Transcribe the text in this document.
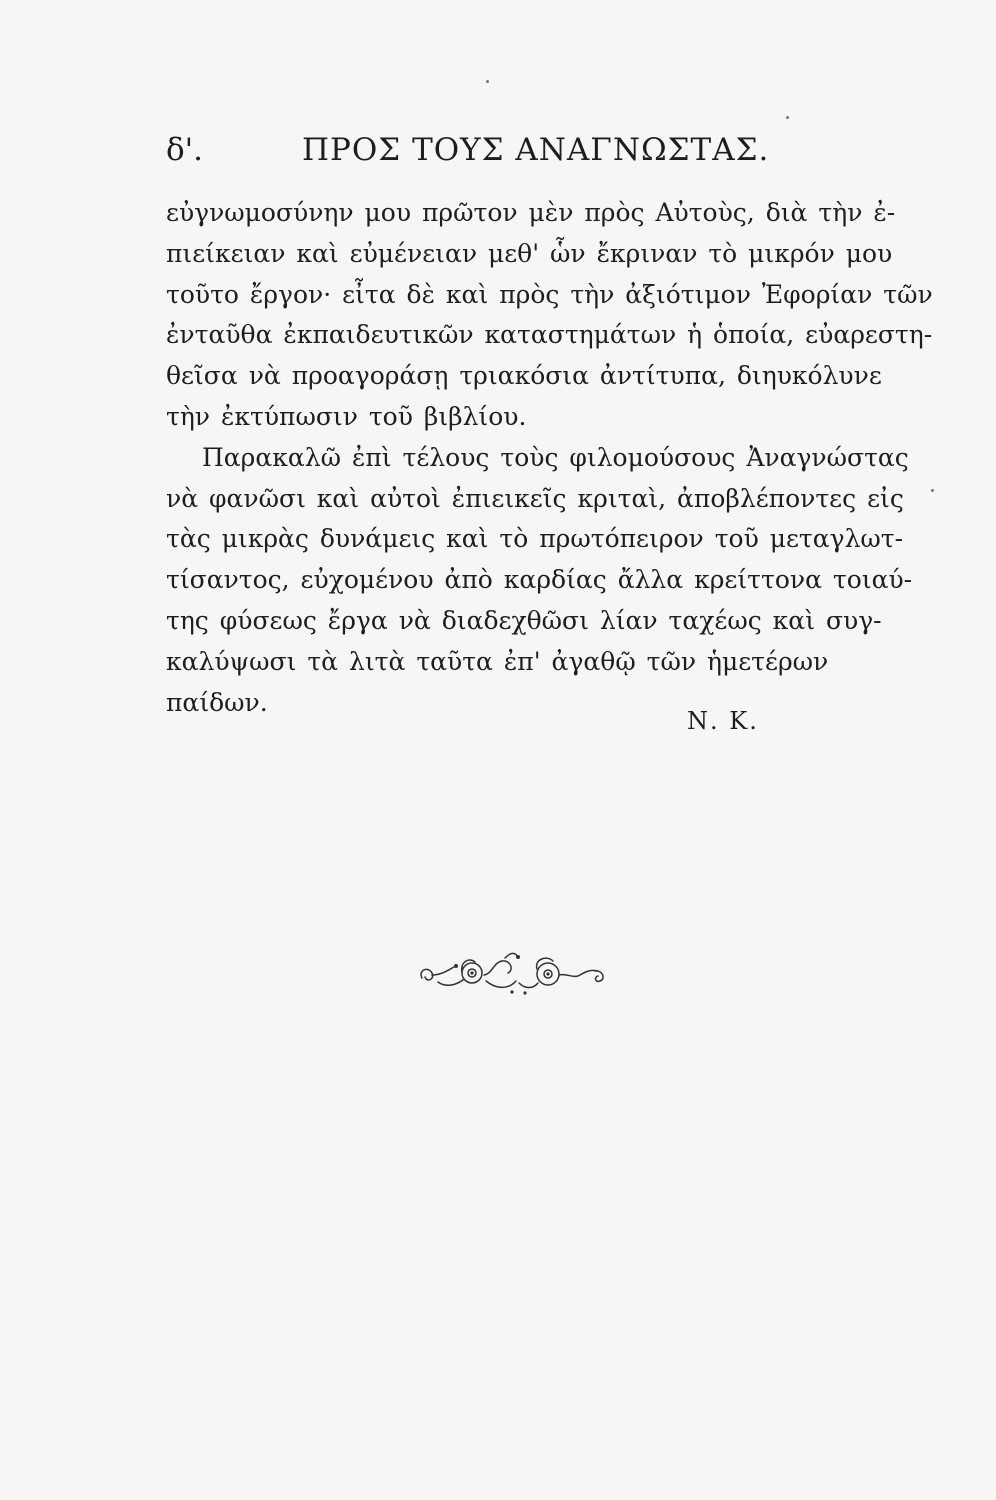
δ'.	ΠΡΟΣ ΤΟΥΣ ΑΝΑΓΝΩΣΤΑΣ.
εὐγνωμοσύνην μου πρῶτον μὲν πρὸς Αὐτοὺς, διὰ τὴν ἐ-
πιείκειαν καὶ εὐμένειαν μεθ' ὧν ἔκριναν τὸ μικρόν μου
τοῦτο ἔργον· εἶτα δὲ καὶ πρὸς τὴν ἀξιότιμον Ἐφορίαν τῶν
ἐνταῦθα ἐκπαιδευτικῶν καταστημάτων ἡ ὁποία, εὐαρεστη-
θεῖσα νὰ προαγοράσῃ τριακόσια ἀντίτυπα, διηυκόλυνε
τὴν ἐκτύπωσιν τοῦ βιβλίου.
Παρακαλῶ ἐπὶ τέλους τοὺς φιλομούσους Ἀναγνώστας
νὰ φανῶσι καὶ αὐτοὶ ἐπιεικεῖς κριταὶ, ἀποβλέποντες εἰς
τὰς μικρὰς δυνάμεις καὶ τὸ πρωτόπειρον τοῦ μεταγλωτ-
τίσαντος, εὐχομένου ἀπὸ καρδίας ἄλλα κρείττονα τοιαύ-
της φύσεως ἔργα νὰ διαδεχθῶσι λίαν ταχέως καὶ συγ-
καλύψωσι τὰ λιτὰ ταῦτα ἐπ' ἀγαθῷ τῶν ἡμετέρων
παίδων.
Ν. Κ.
